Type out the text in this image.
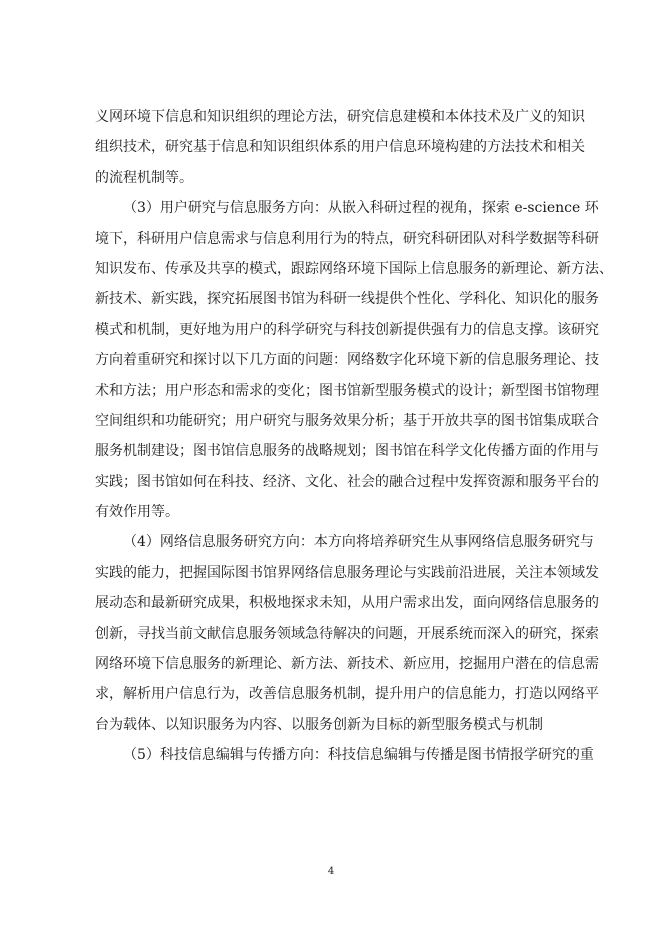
义网环境下信息和知识组织的理论方法，研究信息建模和本体技术及广义的知识
组织技术，研究基于信息和知识组织体系的用户信息环境构建的方法技术和相关
的流程机制等。
（3）用户研究与信息服务方向：从嵌入科研过程的视角，探索 e-science 环
境下，科研用户信息需求与信息利用行为的特点，研究科研团队对科学数据等科研
知识发布、传承及共享的模式，跟踪网络环境下国际上信息服务的新理论、新方法、
新技术、新实践，探究拓展图书馆为科研一线提供个性化、学科化、知识化的服务
模式和机制，更好地为用户的科学研究与科技创新提供强有力的信息支撑。该研究
方向着重研究和探讨以下几方面的问题：网络数字化环境下新的信息服务理论、技
术和方法；用户形态和需求的变化；图书馆新型服务模式的设计；新型图书馆物理
空间组织和功能研究；用户研究与服务效果分析；基于开放共享的图书馆集成联合
服务机制建设；图书馆信息服务的战略规划；图书馆在科学文化传播方面的作用与
实践；图书馆如何在科技、经济、文化、社会的融合过程中发挥资源和服务平台的
有效作用等。
（4）网络信息服务研究方向：本方向将培养研究生从事网络信息服务研究与
实践的能力，把握国际图书馆界网络信息服务理论与实践前沿进展，关注本领域发
展动态和最新研究成果，积极地探求未知，从用户需求出发，面向网络信息服务的
创新，寻找当前文献信息服务领域急待解决的问题，开展系统而深入的研究，探索
网络环境下信息服务的新理论、新方法、新技术、新应用，挖掘用户潜在的信息需
求，解析用户信息行为，改善信息服务机制，提升用户的信息能力，打造以网络平
台为载体、以知识服务为内容、以服务创新为目标的新型服务模式与机制
（5）科技信息编辑与传播方向：科技信息编辑与传播是图书情报学研究的重
4
